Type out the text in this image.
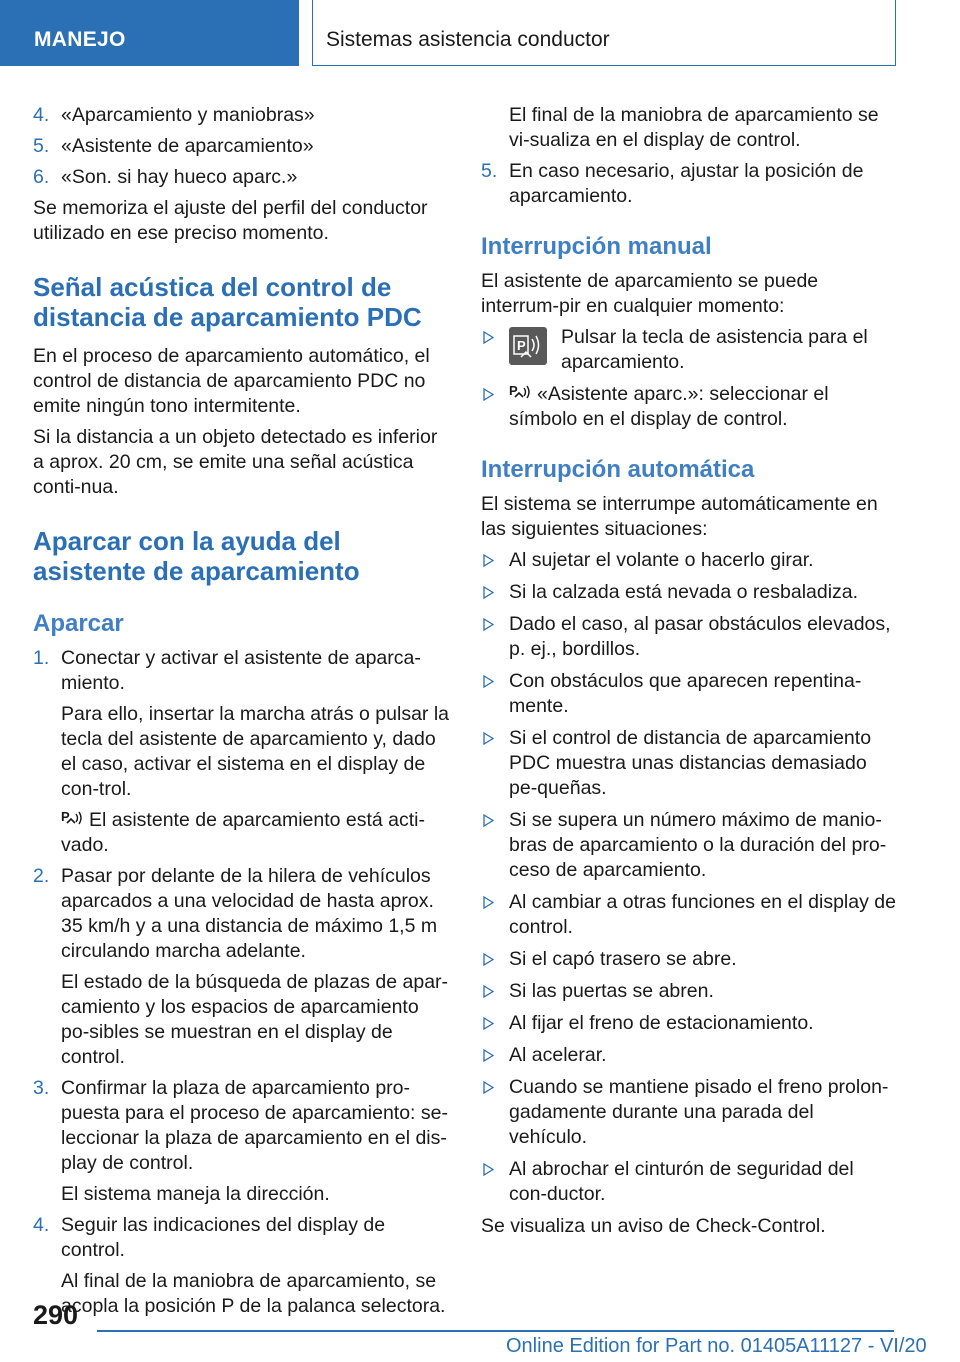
MANEJO	Sistemas asistencia conductor
4. «Aparcamiento y maniobras»
5. «Asistente de aparcamiento»
6. «Son. si hay hueco aparc.»

Se memoriza el ajuste del perfil del conductor utilizado en ese preciso momento.

Señal acústica del control de distancia de aparcamiento PDC

En el proceso de aparcamiento automático, el control de distancia de aparcamiento PDC no emite ningún tono intermitente.

Si la distancia a un objeto detectado es inferior a aprox. 20 cm, se emite una señal acústica conti‐nua.

Aparcar con la ayuda del asistente de aparcamiento
Aparcar
1. Conectar y activar el asistente de aparca‐miento.

Para ello, insertar la marcha atrás o pulsar la tecla del asistente de aparcamiento y, dado el caso, activar el sistema en el display de con‐trol.

P El asistente de aparcamiento está acti‐vado.

2. Pasar por delante de la hilera de vehículos aparcados a una velocidad de hasta aprox. 35 km/h y a una distancia de máximo 1,5 m circulando marcha adelante.

El estado de la búsqueda de plazas de apar‐camiento y los espacios de aparcamiento po‐sibles se muestran en el display de control.

3. Confirmar la plaza de aparcamiento pro‐puesta para el proceso de aparcamiento: se‐leccionar la plaza de aparcamiento en el dis‐play de control.

El sistema maneja la dirección.

4. Seguir las indicaciones del display de control.

Al final de la maniobra de aparcamiento, se acopla la posición P de la palanca selectora.

El final de la maniobra de aparcamiento se vi‐sualiza en el display de control.

5. En caso necesario, ajustar la posición de aparcamiento.
Interrupción manual

El asistente de aparcamiento se puede interrum‐pir en cualquier momento:

P Pulsar la tecla de asistencia para el aparcamiento.
P «Asistente aparc.»: seleccionar el símbolo en el display de control.
Interrupción automática

El sistema se interrumpe automáticamente en las siguientes situaciones:

Al sujetar el volante o hacerlo girar.
Si la calzada está nevada o resbaladiza.
Dado el caso, al pasar obstáculos elevados, p. ej., bordillos.
Con obstáculos que aparecen repentina‐mente.
Si el control de distancia de aparcamiento PDC muestra unas distancias demasiado pe‐queñas.
Si se supera un número máximo de manio‐bras de aparcamiento o la duración del pro‐ceso de aparcamiento.
Al cambiar a otras funciones en el display de control.
Si el capó trasero se abre.
Si las puertas se abren.
Al fijar el freno de estacionamiento.
Al acelerar.
Cuando se mantiene pisado el freno prolon‐gadamente durante una parada del vehículo.
Al abrochar el cinturón de seguridad del con‐ductor.

Se visualiza un aviso de Check-Control.

290
Online Edition for Part no. 01405A11127 - VI/20
